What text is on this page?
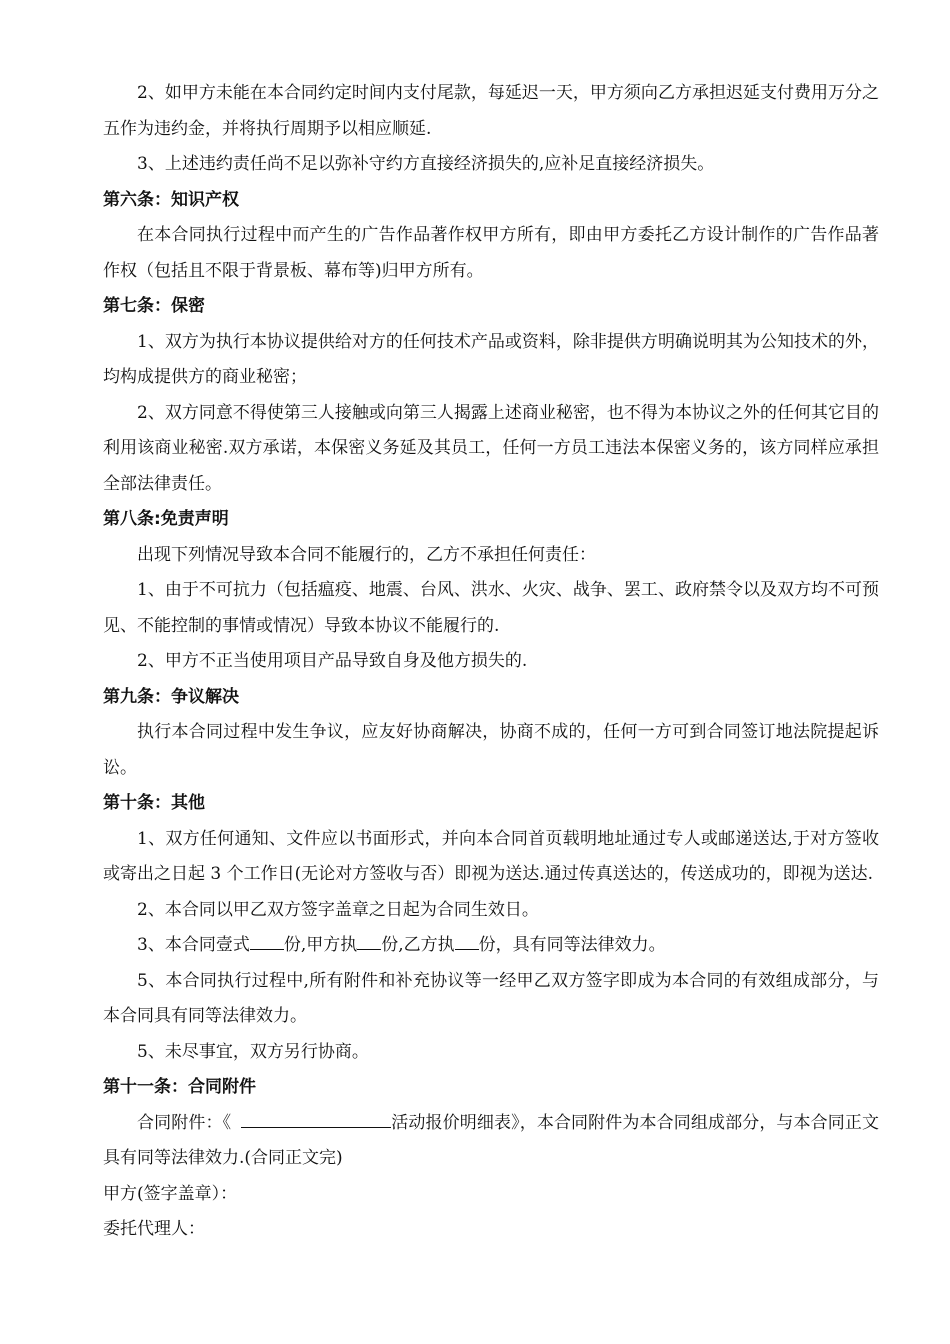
2、如甲方未能在本合同约定时间内支付尾款，每延迟一天，甲方须向乙方承担迟延支付费用万分之五作为违约金，并将执行周期予以相应顺延.

3、上述违约责任尚不足以弥补守约方直接经济损失的,应补足直接经济损失。

第六条：知识产权

在本合同执行过程中而产生的广告作品著作权甲方所有，即由甲方委托乙方设计制作的广告作品著作权（包括且不限于背景板、幕布等)归甲方所有。

第七条：保密

1、双方为执行本协议提供给对方的任何技术产品或资料，除非提供方明确说明其为公知技术的外，均构成提供方的商业秘密；

2、双方同意不得使第三人接触或向第三人揭露上述商业秘密，也不得为本协议之外的任何其它目的利用该商业秘密.双方承诺，本保密义务延及其员工，任何一方员工违法本保密义务的，该方同样应承担全部法律责任。

第八条:免责声明

出现下列情况导致本合同不能履行的，乙方不承担任何责任：

1、由于不可抗力（包括瘟疫、地震、台风、洪水、火灾、战争、罢工、政府禁令以及双方均不可预见、不能控制的事情或情况）导致本协议不能履行的.

2、甲方不正当使用项目产品导致自身及他方损失的.

第九条：争议解决

执行本合同过程中发生争议，应友好协商解决，协商不成的，任何一方可到合同签订地法院提起诉讼。

第十条：其他

1、双方任何通知、文件应以书面形式，并向本合同首页载明地址通过专人或邮递送达,于对方签收或寄出之日起 3 个工作日(无论对方签收与否）即视为送达.通过传真送达的，传送成功的，即视为送达.

2、本合同以甲乙双方签字盖章之日起为合同生效日。

3、本合同壹式 份,甲方执 份,乙方执 份，具有同等法律效力。

5、本合同执行过程中,所有附件和补充协议等一经甲乙双方签字即成为本合同的有效组成部分，与本合同具有同等法律效力。

5、未尽事宜，双方另行协商。

第十一条：合同附件

合同附件：《	活动报价明细表》，本合同附件为本合同组成部分，与本合同正文具有同等法律效力.(合同正文完)

甲方(签字盖章）：

委托代理人：
